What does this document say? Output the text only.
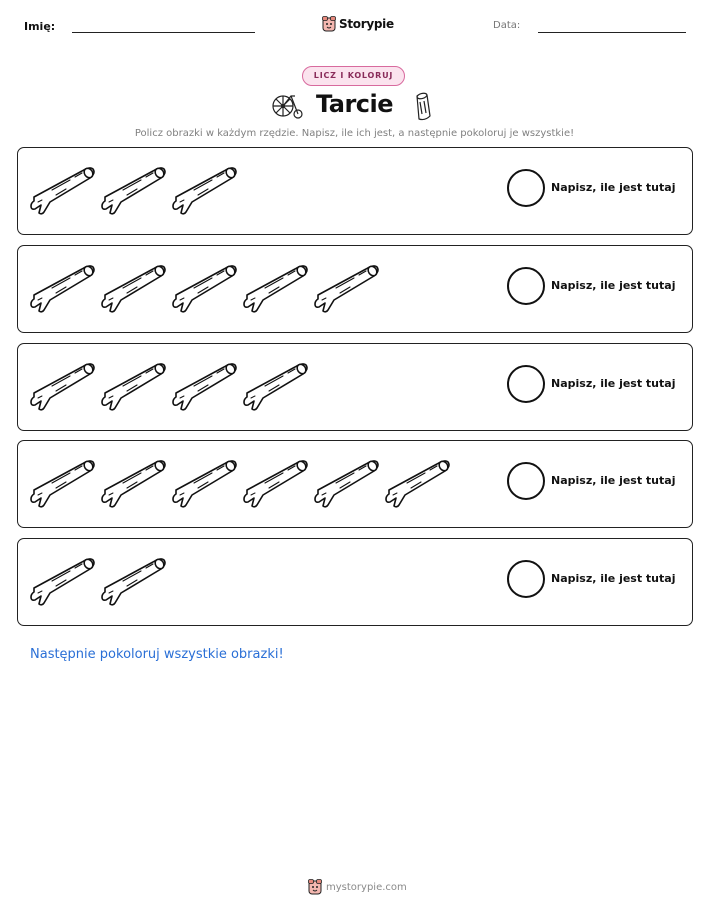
Imię:	Storypie	Data:
LICZ I KOLORUJ
Tarcie
Policz obrazki w każdym rzędzie. Napisz, ile ich jest, a następnie pokoloruj je wszystkie!
Napisz, ile jest tutaj
Napisz, ile jest tutaj
Napisz, ile jest tutaj
Napisz, ile jest tutaj
Napisz, ile jest tutaj
Następnie pokoloruj wszystkie obrazki!
mystorypie.com
